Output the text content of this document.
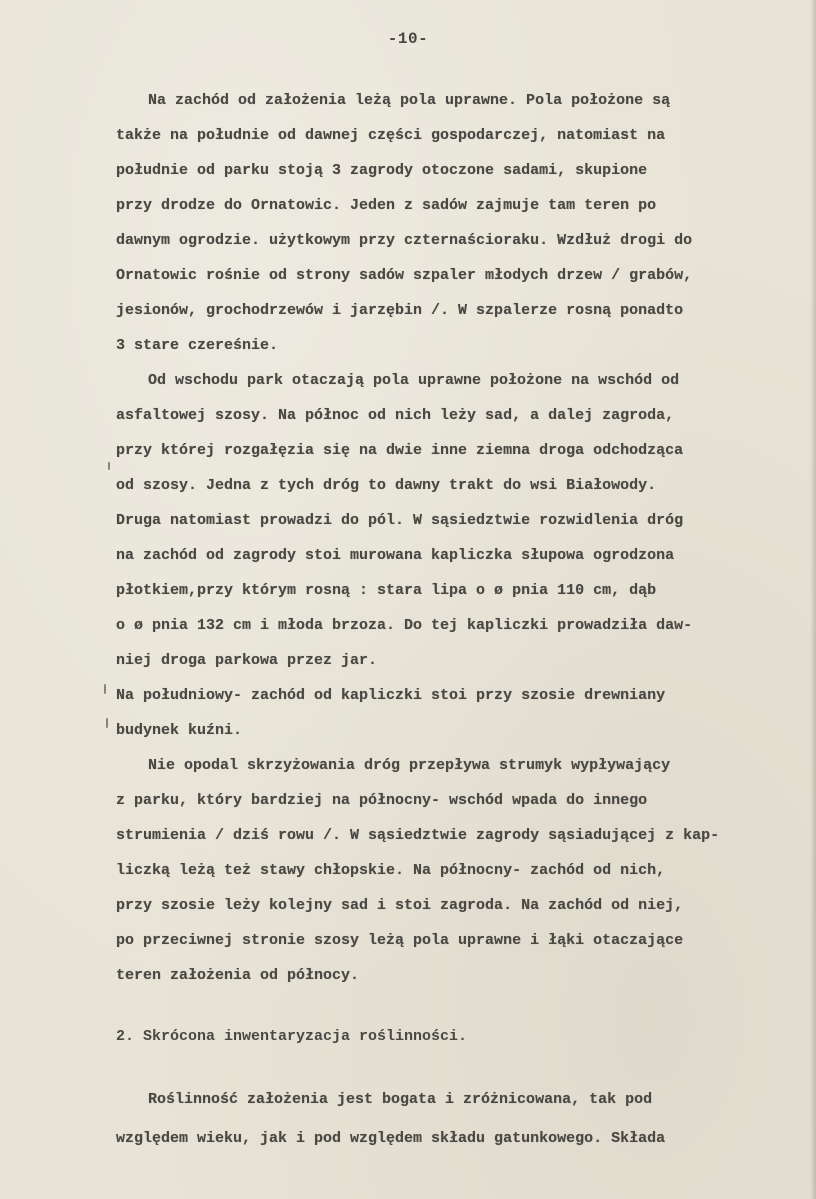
-10-
Na zachód od założenia leżą pola uprawne. Pola położone są
także na południe od dawnej części gospodarczej, natomiast na
południe od parku stoją 3 zagrody otoczone sadami, skupione
przy drodze do Ornatowic. Jeden z sadów zajmuje tam teren po
dawnym ogrodzie. użytkowym przy czternaścioraku. Wzdłuż drogi do
Ornatowic rośnie od strony sadów szpaler młodych drzew / grabów,
jesionów, grochodrzewów i jarzębin /. W szpalerze rosną ponadto
3 stare czereśnie.
Od wschodu park otaczają pola uprawne położone na wschód od
asfaltowej szosy. Na północ od nich leży sad, a dalej zagroda,
przy której rozgałęzia się na dwie inne ziemna droga odchodząca
od szosy. Jedna z tych dróg to dawny trakt do wsi Białowody.
Druga natomiast prowadzi do pól. W sąsiedztwie rozwidlenia dróg
na zachód od zagrody stoi murowana kapliczka słupowa ogrodzona
płotkiem,przy którym rosną : stara lipa o ø pnia 110 cm, dąb
o ø pnia 132 cm i młoda brzoza. Do tej kapliczki prowadziła daw-
niej droga parkowa przez jar.
Na południowy- zachód od kapliczki stoi przy szosie drewniany
budynek kuźni.
Nie opodal skrzyżowania dróg przepływa strumyk wypływający
z parku, który bardziej na północny- wschód wpada do innego
strumienia / dziś rowu /. W sąsiedztwie zagrody sąsiadującej z kap-
liczką leżą też stawy chłopskie. Na północny- zachód od nich,
przy szosie leży kolejny sad i stoi zagroda. Na zachód od niej,
po przeciwnej stronie szosy leżą pola uprawne i łąki otaczające
teren założenia od północy.
2. Skrócona inwentaryzacja roślinności.
Roślinność założenia jest bogata i zróżnicowana, tak pod
względem wieku, jak i pod względem składu gatunkowego. Składa
